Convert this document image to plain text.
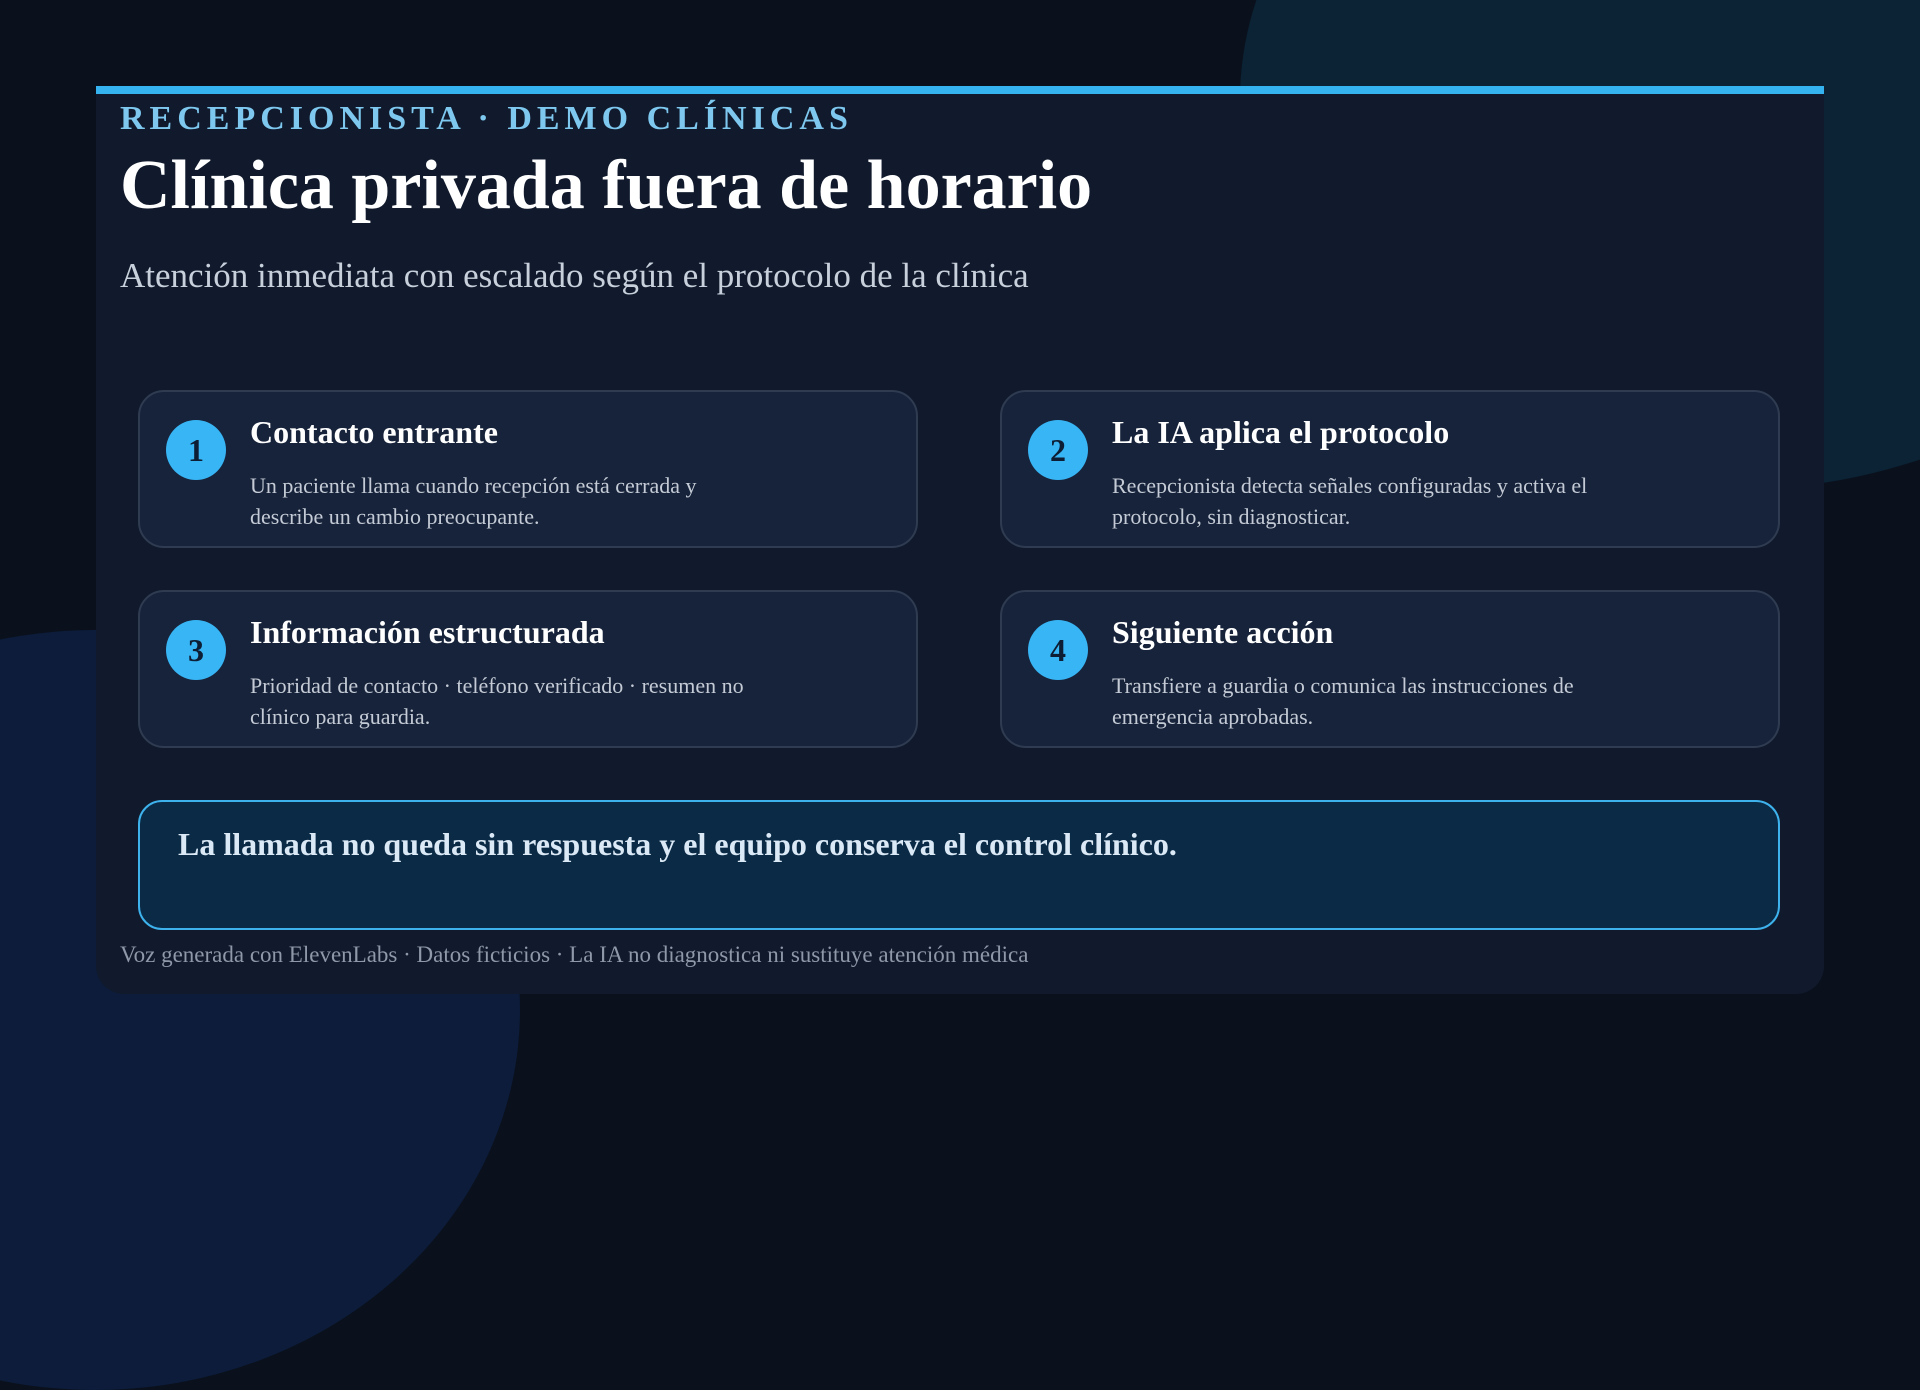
RECEPCIONISTA · DEMO CLÍNICAS
Clínica privada fuera de horario
Atención inmediata con escalado según el protocolo de la clínica
1	Contacto entrante
Un paciente llama cuando recepción está cerrada y describe un cambio preocupante.
2	La IA aplica el protocolo
Recepcionista detecta señales configuradas y activa el protocolo, sin diagnosticar.
3	Información estructurada
Prioridad de contacto · teléfono verificado · resumen no clínico para guardia.
4	Siguiente acción
Transfiere a guardia o comunica las instrucciones de emergencia aprobadas.
La llamada no queda sin respuesta y el equipo conserva el control clínico.
Voz generada con ElevenLabs · Datos ficticios · La IA no diagnostica ni sustituye atención médica
